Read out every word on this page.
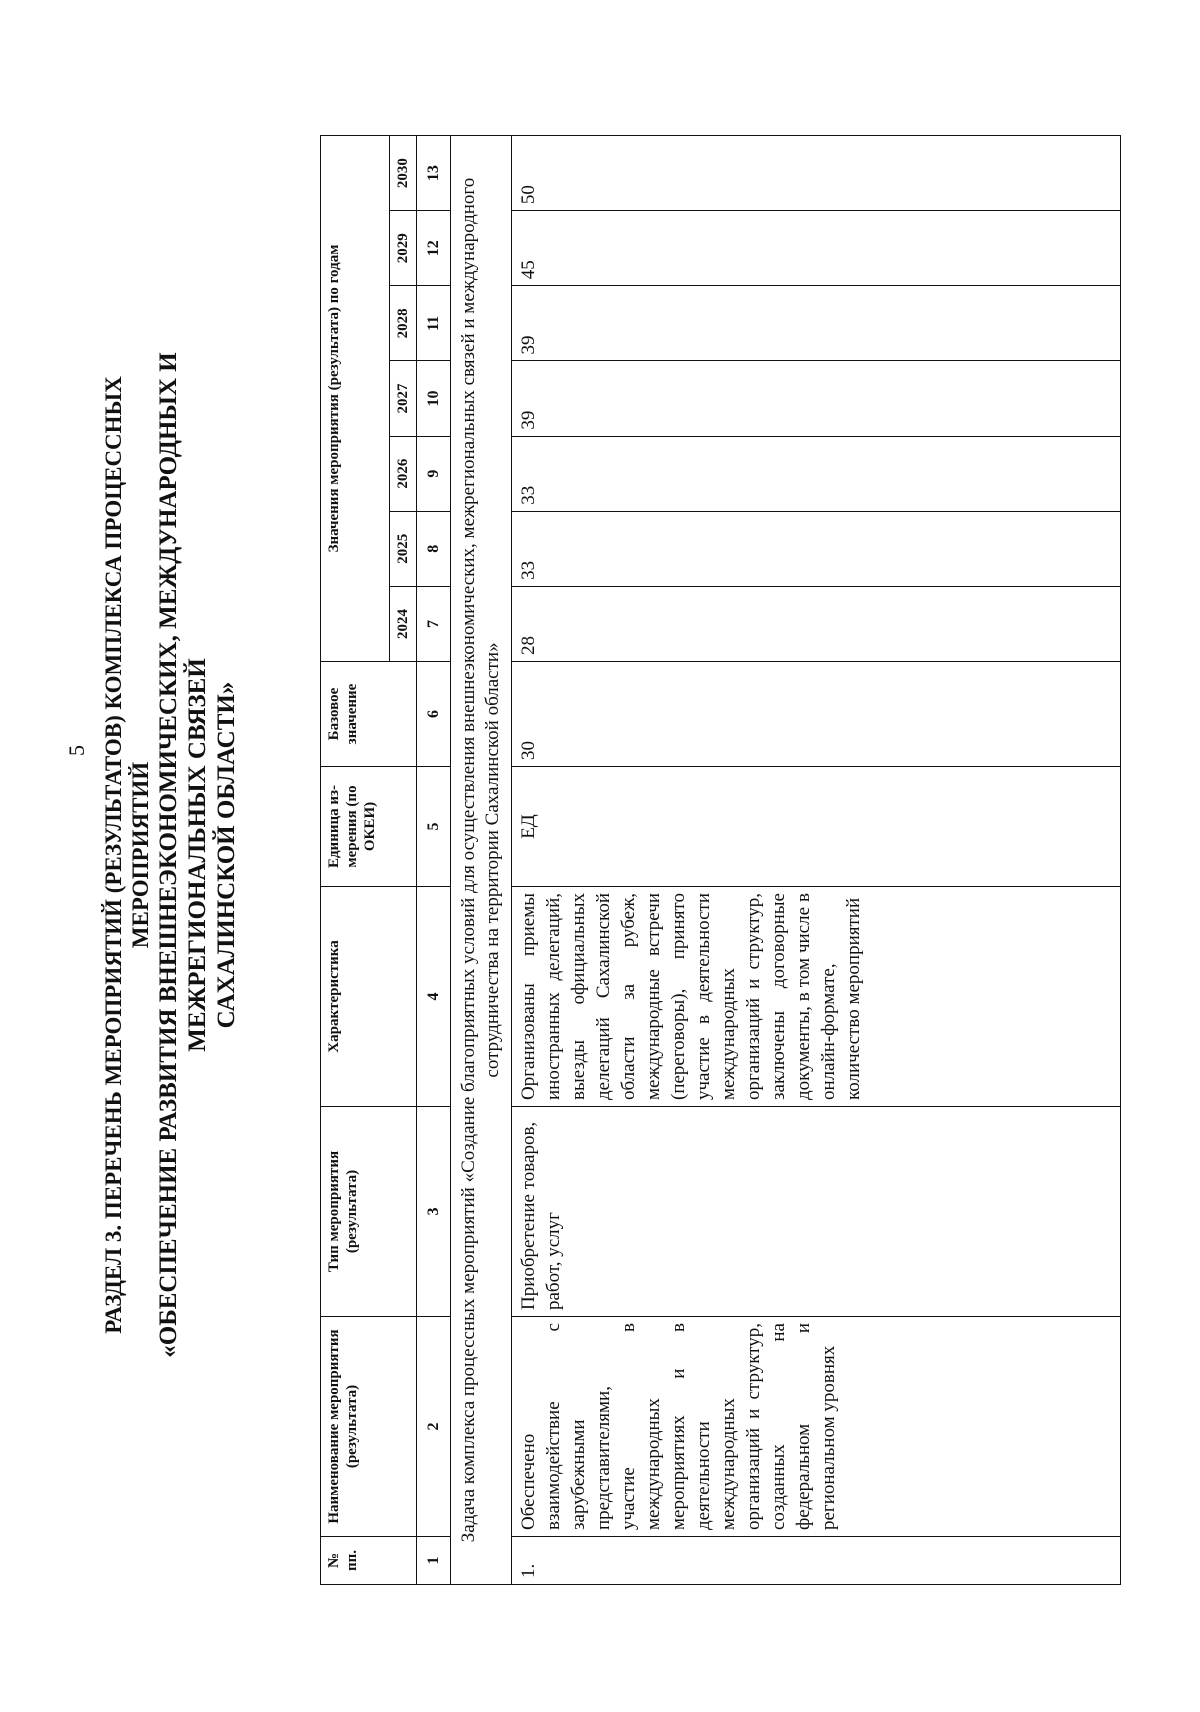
5 РАЗДЕЛ 3. ПЕРЕЧЕНЬ МЕРОПРИЯТИЙ (РЕЗУЛЬТАТОВ) КОМПЛЕКСА ПРОЦЕССНЫХ МЕРОПРИЯТИЙ «ОБЕСПЕЧЕНИЕ РАЗВИТИЯ ВНЕШНЕЭКОНОМИЧЕСКИХ, МЕЖДУНАРОДНЫХ И МЕЖРЕГИОНАЛЬНЫХ СВЯЗЕЙ САХАЛИНСКОЙ ОБЛАСТИ»
№ пп.	Наименование мероприятия (результата)	Тип мероприятия (результата)	Характеристика	Единица из-мерения (по ОКЕИ)	Базовое значение	Значения мероприятия (результата) по годам						
						2024	2025	2026	2027	2028	2029	2030
1	2	3	4	5	6	7	8	9	10	11	12	13
Задача комплекса процессных мероприятий «Создание благоприятных условий для осуществления внешнеэкономических, межрегиональных связей и международного сотрудничества на территории Сахалинской области»												
1.	Обеспечено взаимодействие с зарубежными представителями, участие в международных мероприятиях и в деятельности международных организаций и структур, созданных на федеральном и региональном уровнях	Приобретение товаров, работ, услуг	Организованы приемы иностранных делегаций, выезды официальных делегаций Сахалинской области за рубеж, международные встречи (переговоры), принято участие в деятельности международных организаций и структур, заключены договорные документы, в том числе в онлайн-формате, количество мероприятий	ЕД	30	28	33	33	39	39	45	50
